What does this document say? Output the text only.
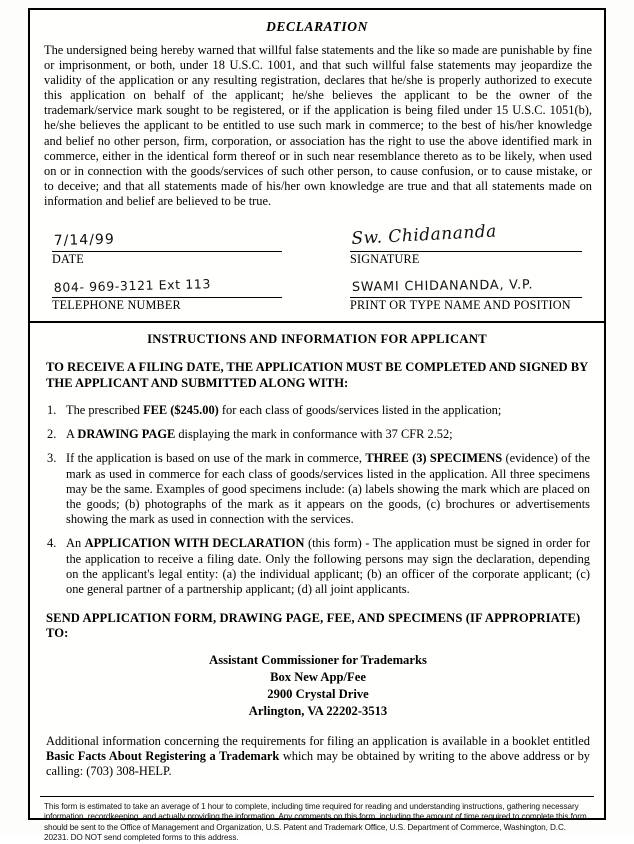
DECLARATION

The undersigned being hereby warned that willful false statements and the like so made are punishable by fine or imprisonment, or both, under 18 U.S.C. 1001, and that such willful false statements may jeopardize the validity of the application or any resulting registration, declares that he/she is properly authorized to execute this application on behalf of the applicant; he/she believes the applicant to be the owner of the trademark/service mark sought to be registered, or if the application is being filed under 15 U.S.C. 1051(b), he/she believes the applicant to be entitled to use such mark in commerce; to the best of his/her knowledge and belief no other person, firm, corporation, or association has the right to use the above identified mark in commerce, either in the identical form thereof or in such near resemblance thereto as to be likely, when used on or in connection with the goods/services of such other person, to cause confusion, or to cause mistake, or to deceive; and that all statements made of his/her own knowledge are true and that all statements made on information and belief are believed to be true.

7/14/99
DATE
804- 969-3121 Ext 113
TELEPHONE NUMBER
Sw. Chidananda
SIGNATURE
SWAMI CHIDANANDA, V.P.
PRINT OR TYPE NAME AND POSITION
INSTRUCTIONS AND INFORMATION FOR APPLICANT
TO RECEIVE A FILING DATE, THE APPLICATION MUST BE COMPLETED AND SIGNED BY THE APPLICANT AND SUBMITTED ALONG WITH:
1. The prescribed FEE ($245.00) for each class of goods/services listed in the application;
2. A DRAWING PAGE displaying the mark in conformance with 37 CFR 2.52;
3. If the application is based on use of the mark in commerce, THREE (3) SPECIMENS (evidence) of the mark as used in commerce for each class of goods/services listed in the application. All three specimens may be the same. Examples of good specimens include: (a) labels showing the mark which are placed on the goods; (b) photographs of the mark as it appears on the goods, (c) brochures or advertisements showing the mark as used in connection with the services.
4. An APPLICATION WITH DECLARATION (this form) - The application must be signed in order for the application to receive a filing date. Only the following persons may sign the declaration, depending on the applicant's legal entity: (a) the individual applicant; (b) an officer of the corporate applicant; (c) one general partner of a partnership applicant; (d) all joint applicants.
SEND APPLICATION FORM, DRAWING PAGE, FEE, AND SPECIMENS (IF APPROPRIATE) TO:
Assistant Commissioner for Trademarks
Box New App/Fee
2900 Crystal Drive
Arlington, VA 22202-3513
Additional information concerning the requirements for filing an application is available in a booklet entitled Basic Facts About Registering a Trademark which may be obtained by writing to the above address or by calling: (703) 308-HELP.

This form is estimated to take an average of 1 hour to complete, including time required for reading and understanding instructions, gathering necessary information, recordkeeping, and actually providing the information. Any comments on this form, including the amount of time required to complete this form, should be sent to the Office of Management and Organization, U.S. Patent and Trademark Office, U.S. Department of Commerce, Washington, D.C. 20231. DO NOT send completed forms to this address.
